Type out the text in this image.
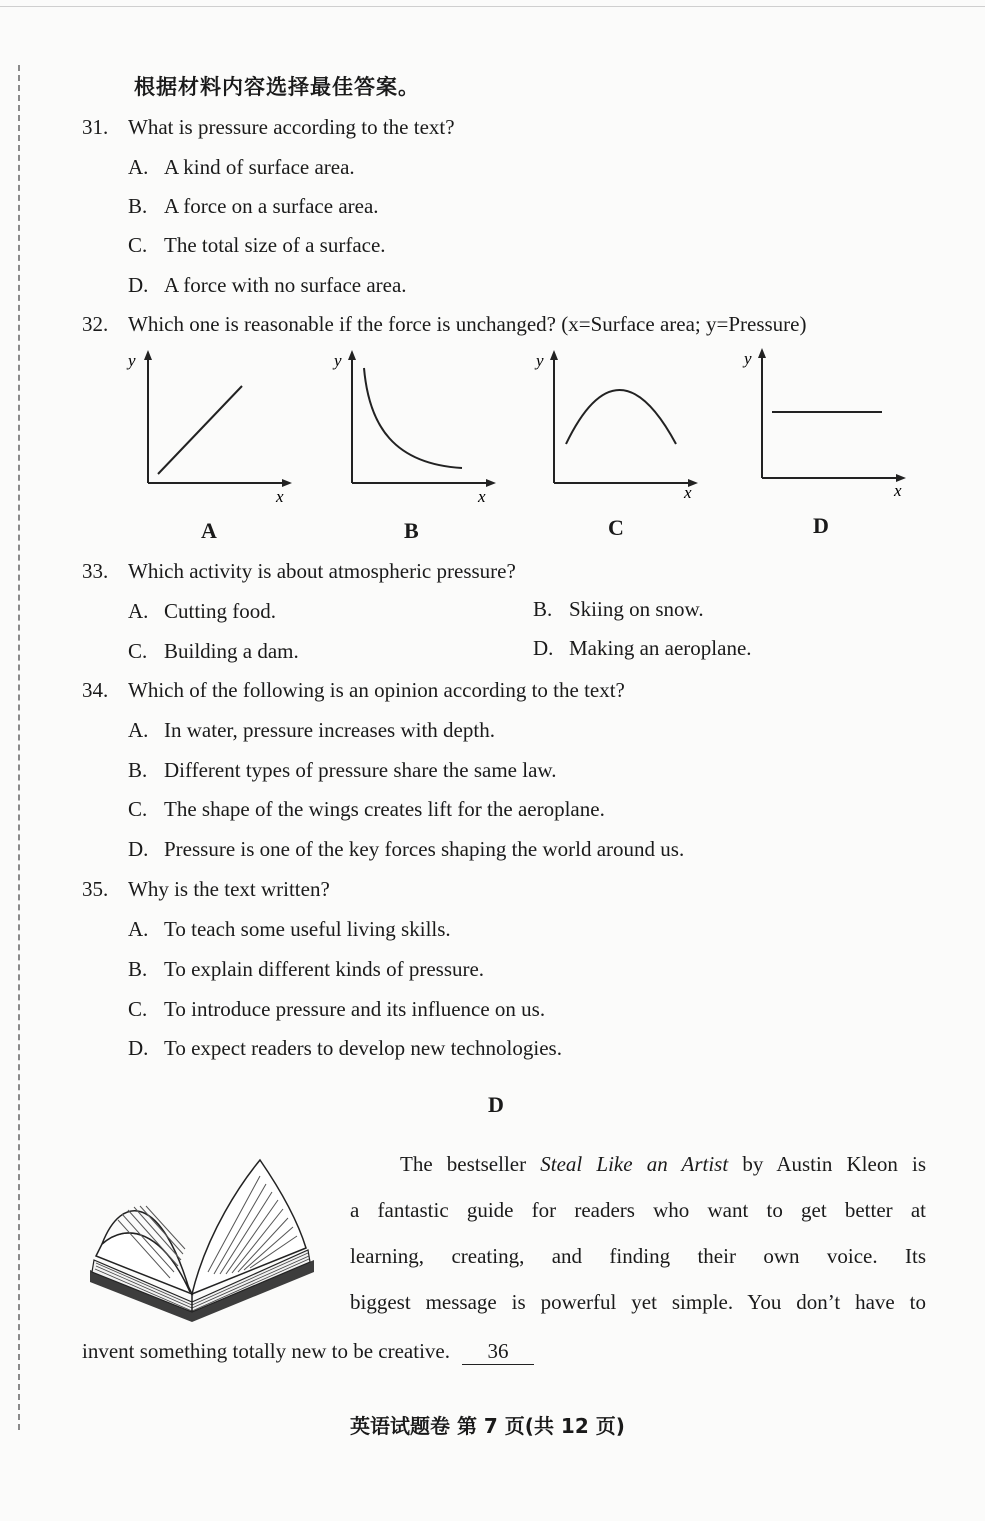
根据材料内容选择最佳答案。
31. What is pressure according to the text?
A. A kind of surface area.
B. A force on a surface area.
C. The total size of a surface.
D. A force with no surface area.
32. Which one is reasonable if the force is unchanged? (x=Surface area; y=Pressure)
y
x
A
y
x
B
y
x
C
y
x
D
33. Which activity is about atmospheric pressure?
A. Cutting food.	B. Skiing on snow.
C. Building a dam.	D. Making an aeroplane.
34. Which of the following is an opinion according to the text?
A. In water, pressure increases with depth.
B. Different types of pressure share the same law.
C. The shape of the wings creates lift for the aeroplane.
D. Pressure is one of the key forces shaping the world around us.
35. Why is the text written?
A. To teach some useful living skills.
B. To explain different kinds of pressure.
C. To introduce pressure and its influence on us.
D. To expect readers to develop new technologies.
D
The bestseller Steal Like an Artist by Austin Kleon is
a fantastic guide for readers who want to get better at
learning, creating, and finding their own voice. Its
biggest message is powerful yet simple. You don’t have to
invent something totally new to be creative. 36
英语试题卷 第 7 页(共 12 页)
